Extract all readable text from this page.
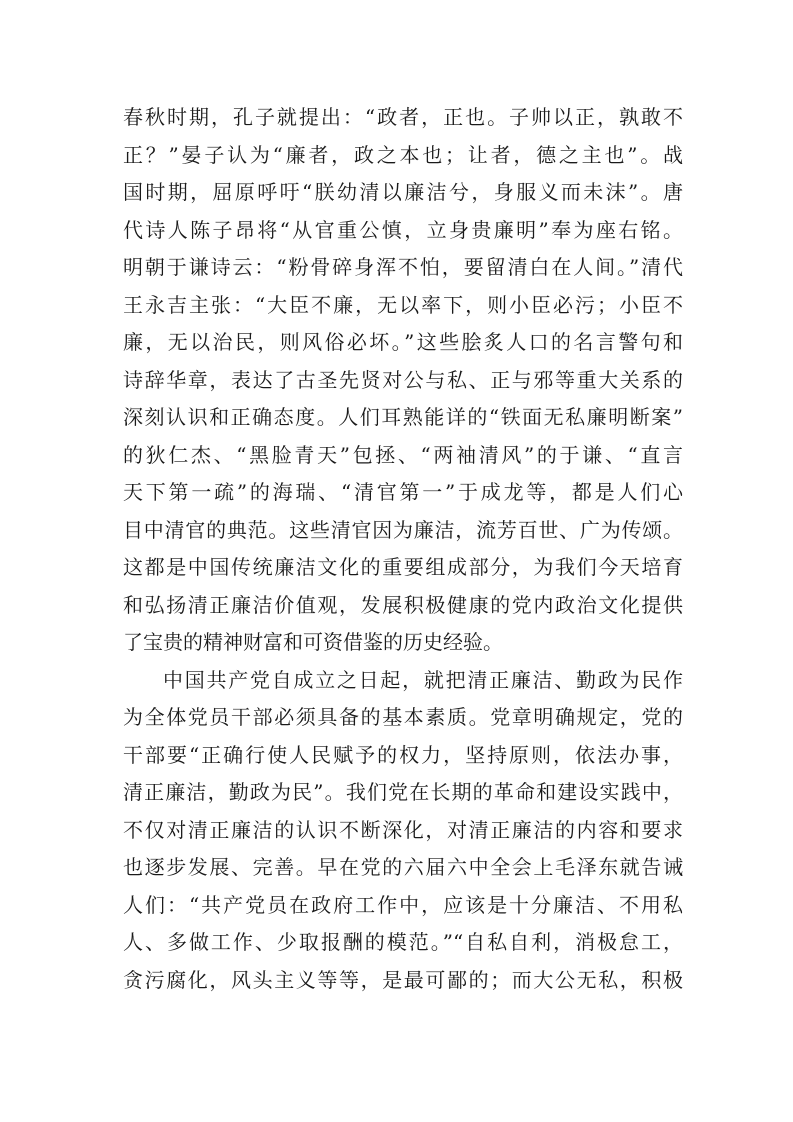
春秋时期，孔子就提出：“政者，正也。子帅以正，孰敢不
正？”晏子认为“廉者，政之本也；让者，德之主也”。战
国时期，屈原呼吁“朕幼清以廉洁兮，身服义而未沫”。唐
代诗人陈子昂将“从官重公慎，立身贵廉明”奉为座右铭。
明朝于谦诗云：“粉骨碎身浑不怕，要留清白在人间。”清代
王永吉主张：“大臣不廉，无以率下，则小臣必污；小臣不
廉，无以治民，则风俗必坏。”这些脍炙人口的名言警句和
诗辞华章，表达了古圣先贤对公与私、正与邪等重大关系的
深刻认识和正确态度。人们耳熟能详的“铁面无私廉明断案”
的狄仁杰、“黑脸青天”包拯、“两袖清风”的于谦、“直言
天下第一疏”的海瑞、“清官第一”于成龙等，都是人们心
目中清官的典范。这些清官因为廉洁，流芳百世、广为传颂。
这都是中国传统廉洁文化的重要组成部分，为我们今天培育
和弘扬清正廉洁价值观，发展积极健康的党内政治文化提供
了宝贵的精神财富和可资借鉴的历史经验。
中国共产党自成立之日起，就把清正廉洁、勤政为民作
为全体党员干部必须具备的基本素质。党章明确规定，党的
干部要“正确行使人民赋予的权力，坚持原则，依法办事，
清正廉洁，勤政为民”。我们党在长期的革命和建设实践中，
不仅对清正廉洁的认识不断深化，对清正廉洁的内容和要求
也逐步发展、完善。早在党的六届六中全会上毛泽东就告诫
人们：“共产党员在政府工作中，应该是十分廉洁、不用私
人、多做工作、少取报酬的模范。”“自私自利，消极怠工，
贪污腐化，风头主义等等，是最可鄙的；而大公无私，积极
